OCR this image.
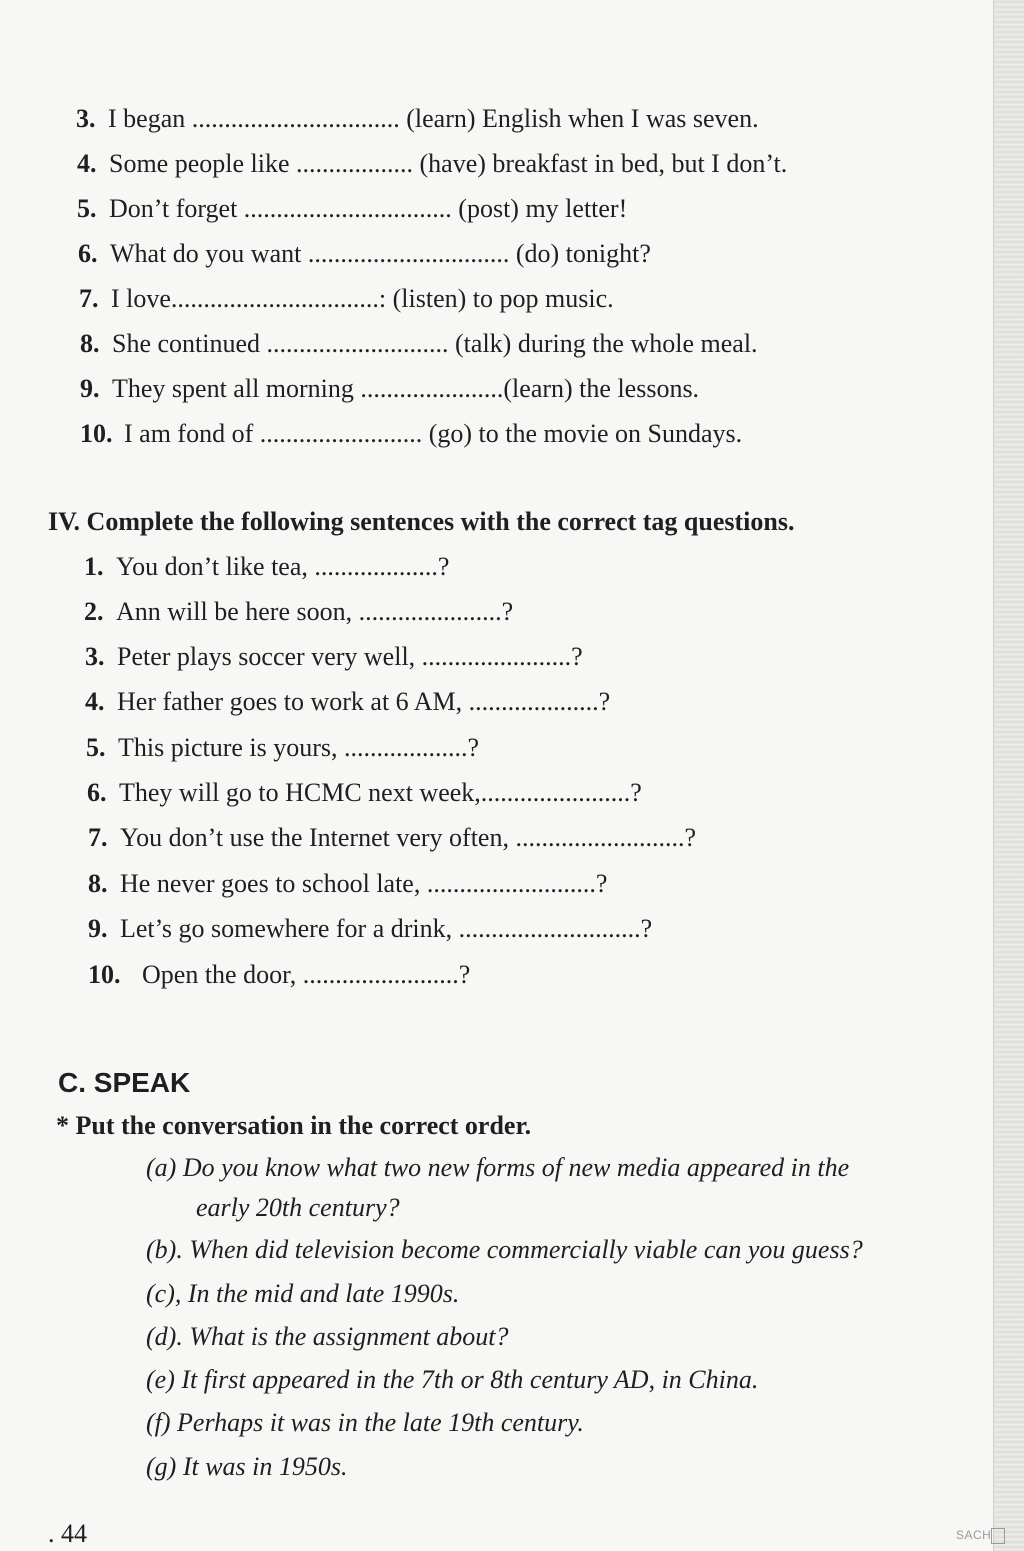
3. I began ................................ (learn) English when I was seven.
4. Some people like .................. (have) breakfast in bed, but I don’t.
5. Don’t forget ................................ (post) my letter!
6. What do you want ............................... (do) tonight?
7. I love................................: (listen) to pop music.
8. She continued ............................ (talk) during the whole meal.
9. They spent all morning ......................(learn) the lessons.
10. I am fond of ......................... (go) to the movie on Sundays.
IV. Complete the following sentences with the correct tag questions.
1. You don’t like tea, ...................?
2. Ann will be here soon, ......................?
3. Peter plays soccer very well, .......................?
4. Her father goes to work at 6 AM, ....................?
5. This picture is yours, ...................?
6. They will go to HCMC next week,.......................?
7. You don’t use the Internet very often, ..........................?
8. He never goes to school late, ..........................?
9. Let’s go somewhere for a drink, ............................?
10. Open the door, ........................?
C. SPEAK
* Put the conversation in the correct order.
(a) Do you know what two new forms of new media appeared in the
early 20th century?
(b). When did television become commercially viable can you guess?
(c), In the mid and late 1990s.
(d). What is the assignment about?
(e) It first appeared in the 7th or 8th century AD, in China.
(f) Perhaps it was in the late 19th century.
(g) It was in 1950s.
. 44	SACH
